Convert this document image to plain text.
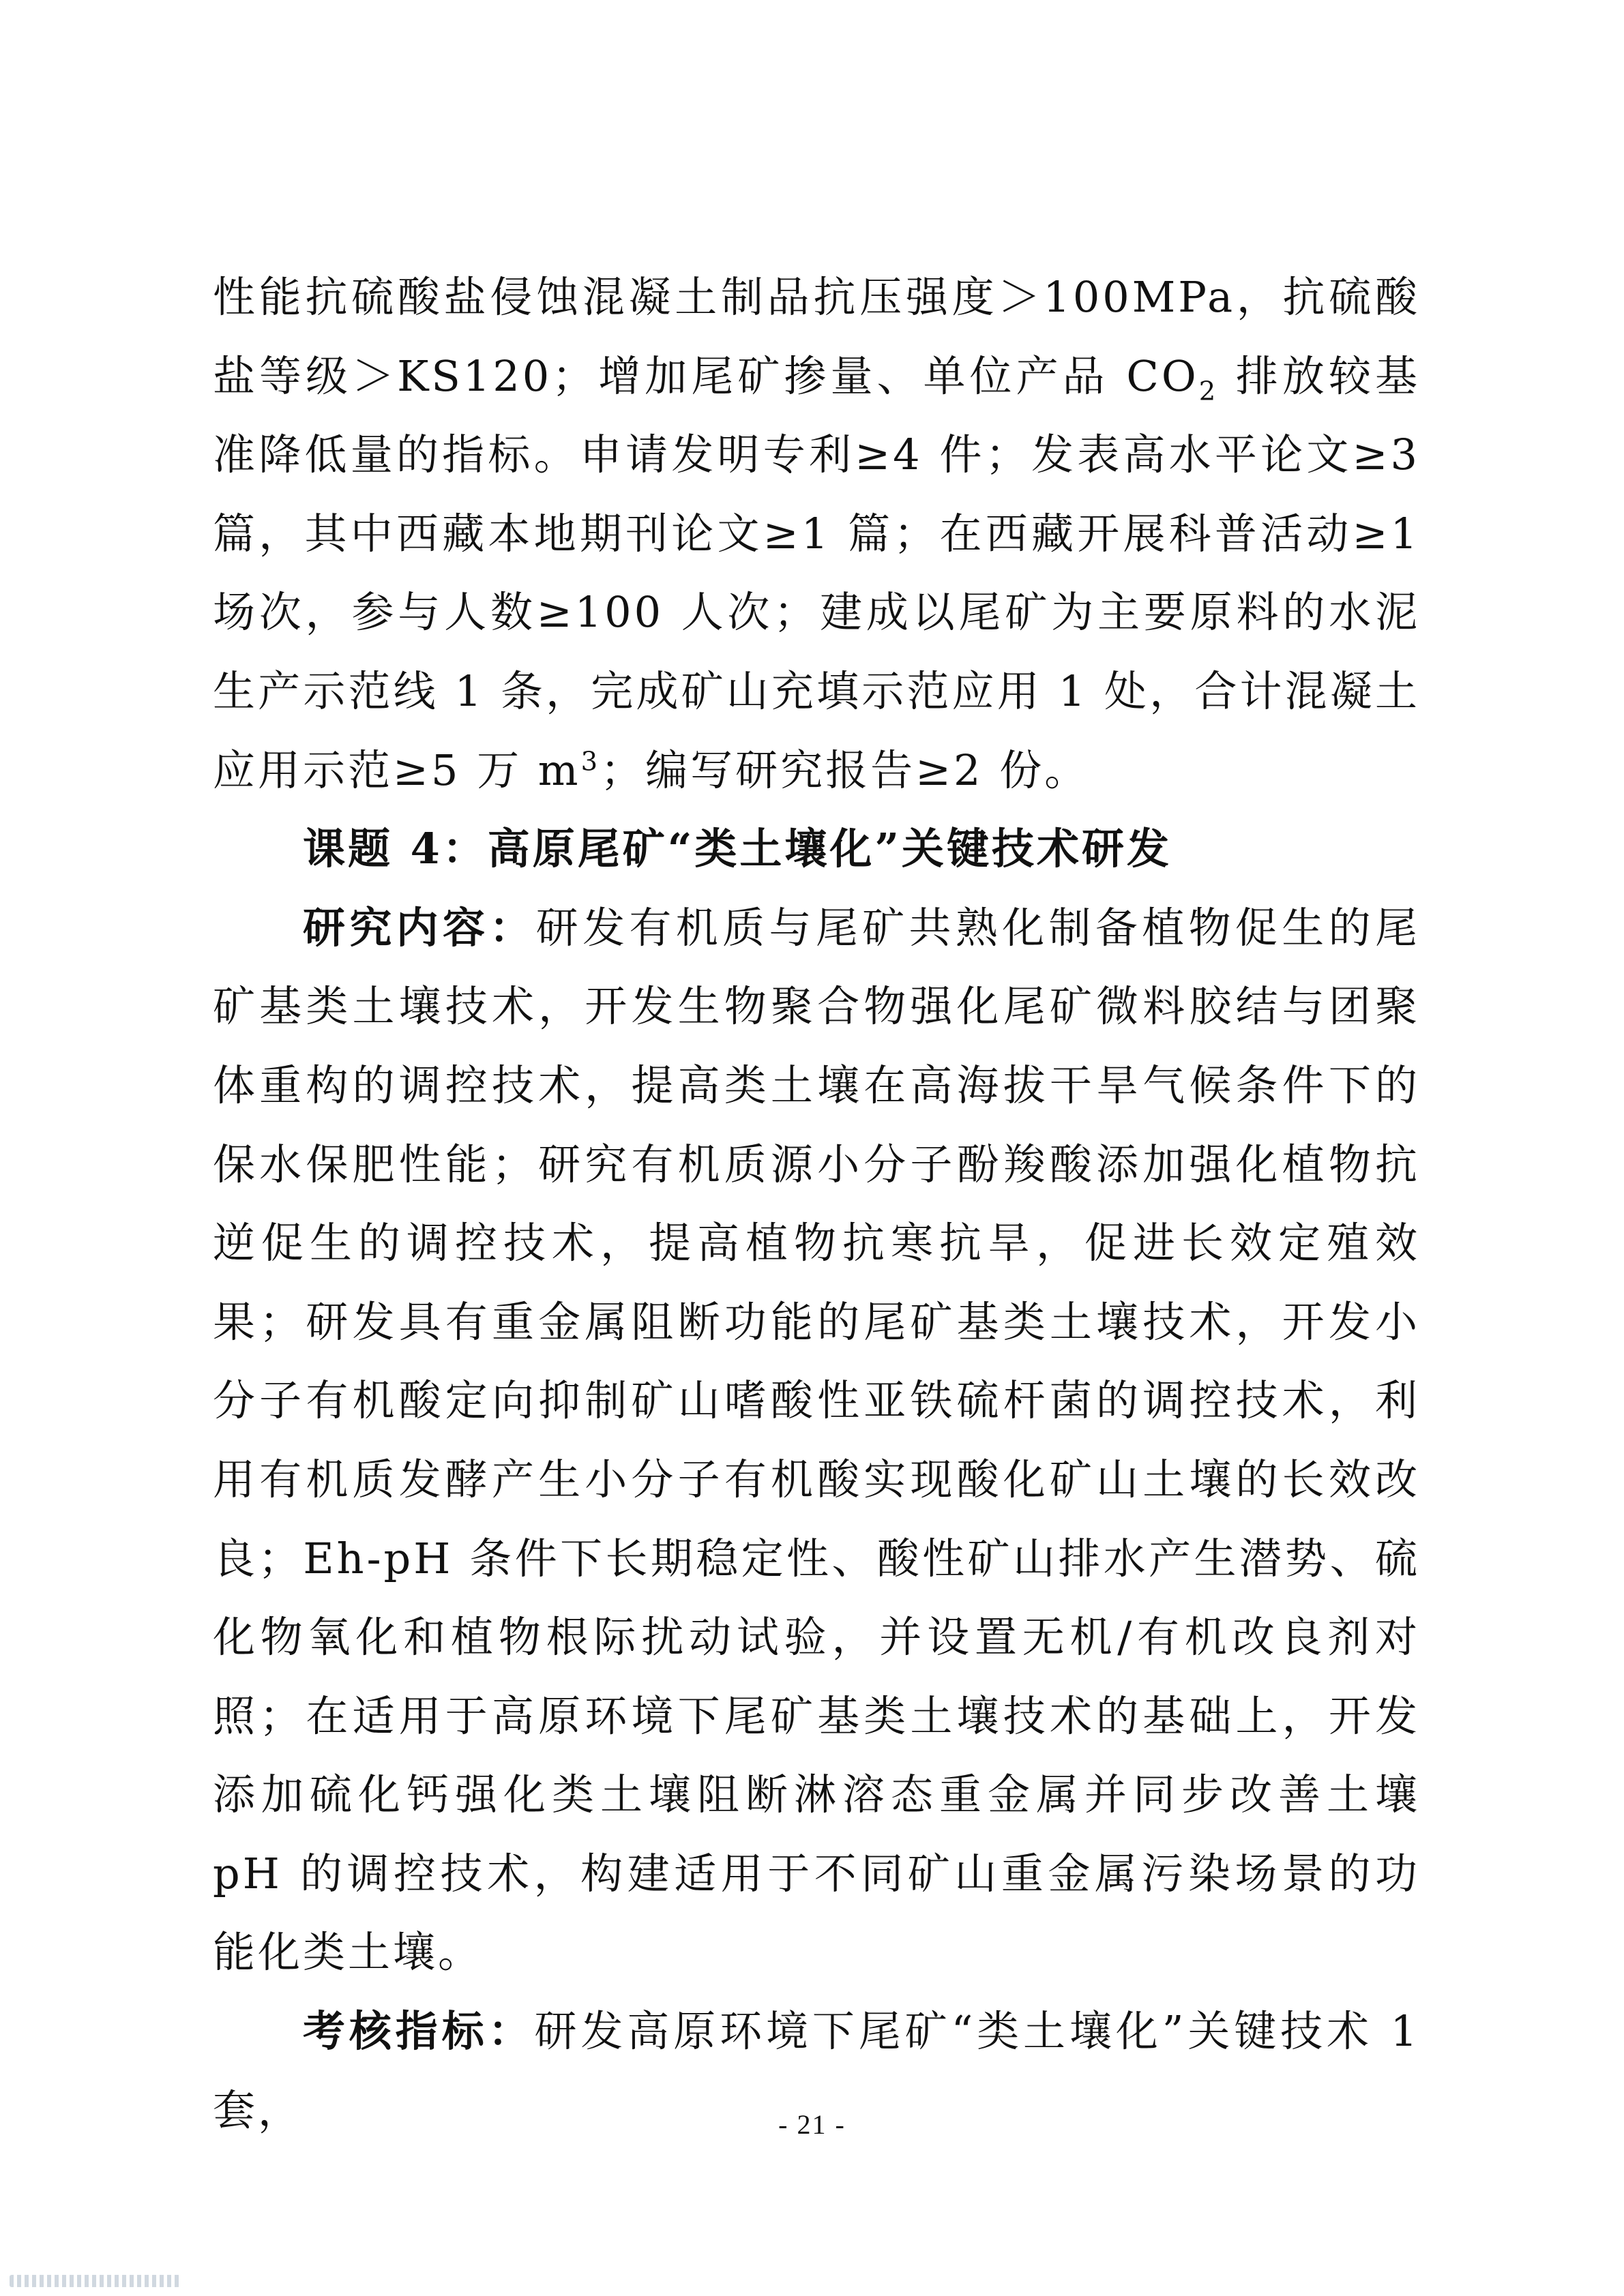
性能抗硫酸盐侵蚀混凝土制品抗压强度＞100MPa，抗硫酸盐等级＞KS120；增加尾矿掺量、单位产品 $CO_2$ 排放较基准降低量的指标。申请发明专利≥4 件；发表高水平论文≥3 篇，其中西藏本地期刊论文≥1 篇；在西藏开展科普活动≥1 场次，参与人数≥100 人次；建成以尾矿为主要原料的水泥生产示范线 1 条，完成矿山充填示范应用 1 处，合计混凝土应用示范≥5 万 $m^3$；编写研究报告≥2 份。

课题 4：高原尾矿“类土壤化”关键技术研发

研究内容：研发有机质与尾矿共熟化制备植物促生的尾矿基类土壤技术，开发生物聚合物强化尾矿微料胶结与团聚体重构的调控技术，提高类土壤在高海拔干旱气候条件下的保水保肥性能；研究有机质源小分子酚羧酸添加强化植物抗逆促生的调控技术，提高植物抗寒抗旱，促进长效定殖效果；研发具有重金属阻断功能的尾矿基类土壤技术，开发小分子有机酸定向抑制矿山嗜酸性亚铁硫杆菌的调控技术，利用有机质发酵产生小分子有机酸实现酸化矿山土壤的长效改良；Eh-pH 条件下长期稳定性、酸性矿山排水产生潜势、硫化物氧化和植物根际扰动试验，并设置无机/有机改良剂对照；在适用于高原环境下尾矿基类土壤技术的基础上，开发添加硫化钙强化类土壤阻断淋溶态重金属并同步改善土壤 pH 的调控技术，构建适用于不同矿山重金属污染场景的功能化类土壤。

考核指标：研发高原环境下尾矿“类土壤化”关键技术 1 套，	- 21 -
